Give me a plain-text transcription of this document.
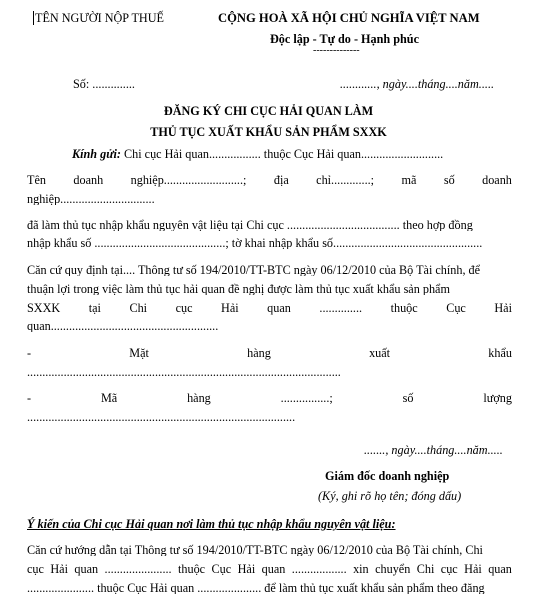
TÊN NGƯỜI NỘP THUẾ	CỘNG HOÀ XÃ HỘI CHỦ NGHĨA VIỆT NAM
Độc lập - Tự do - Hạnh phúc
--------------
Số: ..............	............, ngày....tháng....năm.....
ĐĂNG KÝ CHI CỤC HẢI QUAN LÀM
THỦ TỤC XUẤT KHẨU SẢN PHẨM SXXK
Kính gửi: Chi cục Hải quan................. thuộc Cục Hải quan...........................
Tên doanh nghiệp..........................; địa chỉ.............; mã số doanh
nghiệp...............................
đã làm thủ tục nhập khẩu nguyên vật liệu tại Chi cục ..................................... theo hợp đồng
nhập khẩu số ...........................................; tờ khai nhập khẩu số.................................................
Căn cứ quy định tại.... Thông tư số 194/2010/TT-BTC ngày 06/12/2010 của Bộ Tài chính, để
thuận lợi trong việc làm thủ tục hải quan đề nghị được làm thủ tục xuất khẩu sản phẩm
SXXK tại Chi cục Hải quan .............. thuộc Cục Hải
quan.......................................................
-	Mặt	hàng	xuất	khẩu
.......................................................................................................
-	Mã	hàng	................;	số	lượng
........................................................................................
......., ngày....tháng....năm.....
Giám đốc doanh nghiệp
(Ký, ghi rõ họ tên; đóng dấu)
Ý kiến của Chi cục Hải quan nơi làm thủ tục nhập khẩu nguyên vật liệu:
Căn cứ hướng dẫn tại Thông tư số 194/2010/TT-BTC ngày 06/12/2010 của Bộ Tài chính, Chi
cục Hải quan ...................... thuộc Cục Hải quan .................. xin chuyển Chi cục Hải quan
...................... thuộc Cục Hải quan ..................... để làm thủ tục xuất khẩu sản phẩm theo đăng
